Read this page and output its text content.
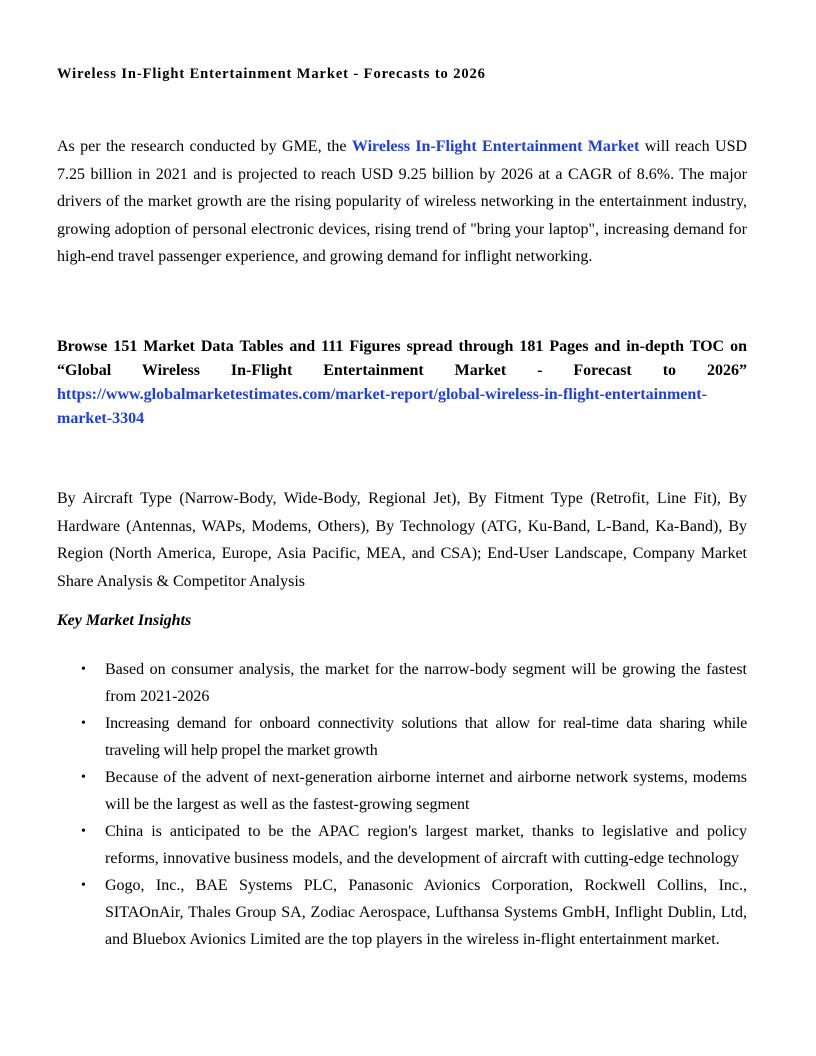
Wireless In-Flight Entertainment Market - Forecasts to 2026

As per the research conducted by GME, the Wireless In-Flight Entertainment Market will reach USD 7.25 billion in 2021 and is projected to reach USD 9.25 billion by 2026 at a CAGR of 8.6%. The major drivers of the market growth are the rising popularity of wireless networking in the entertainment industry, growing adoption of personal electronic devices, rising trend of "bring your laptop", increasing demand for high-end travel passenger experience, and growing demand for inflight networking.

Browse 151 Market Data Tables and 111 Figures spread through 181 Pages and in-depth TOC on “Global Wireless In-Flight Entertainment Market - Forecast to 2026” https://www.globalmarketestimates.com/market-report/global-wireless-in-flight-entertainment-market-3304

By Aircraft Type (Narrow-Body, Wide-Body, Regional Jet), By Fitment Type (Retrofit, Line Fit), By Hardware (Antennas, WAPs, Modems, Others), By Technology (ATG, Ku-Band, L-Band, Ka-Band), By Region (North America, Europe, Asia Pacific, MEA, and CSA); End-User Landscape, Company Market Share Analysis & Competitor Analysis

Key Market Insights
• Based on consumer analysis, the market for the narrow-body segment will be growing the fastest from 2021-2026
• Increasing demand for onboard connectivity solutions that allow for real-time data sharing while traveling will help propel the market growth
• Because of the advent of next-generation airborne internet and airborne network systems, modems will be the largest as well as the fastest-growing segment
• China is anticipated to be the APAC region's largest market, thanks to legislative and policy reforms, innovative business models, and the development of aircraft with cutting-edge technology
• Gogo, Inc., BAE Systems PLC, Panasonic Avionics Corporation, Rockwell Collins, Inc., SITAOnAir, Thales Group SA, Zodiac Aerospace, Lufthansa Systems GmbH, Inflight Dublin, Ltd, and Bluebox Avionics Limited are the top players in the wireless in-flight entertainment market.
